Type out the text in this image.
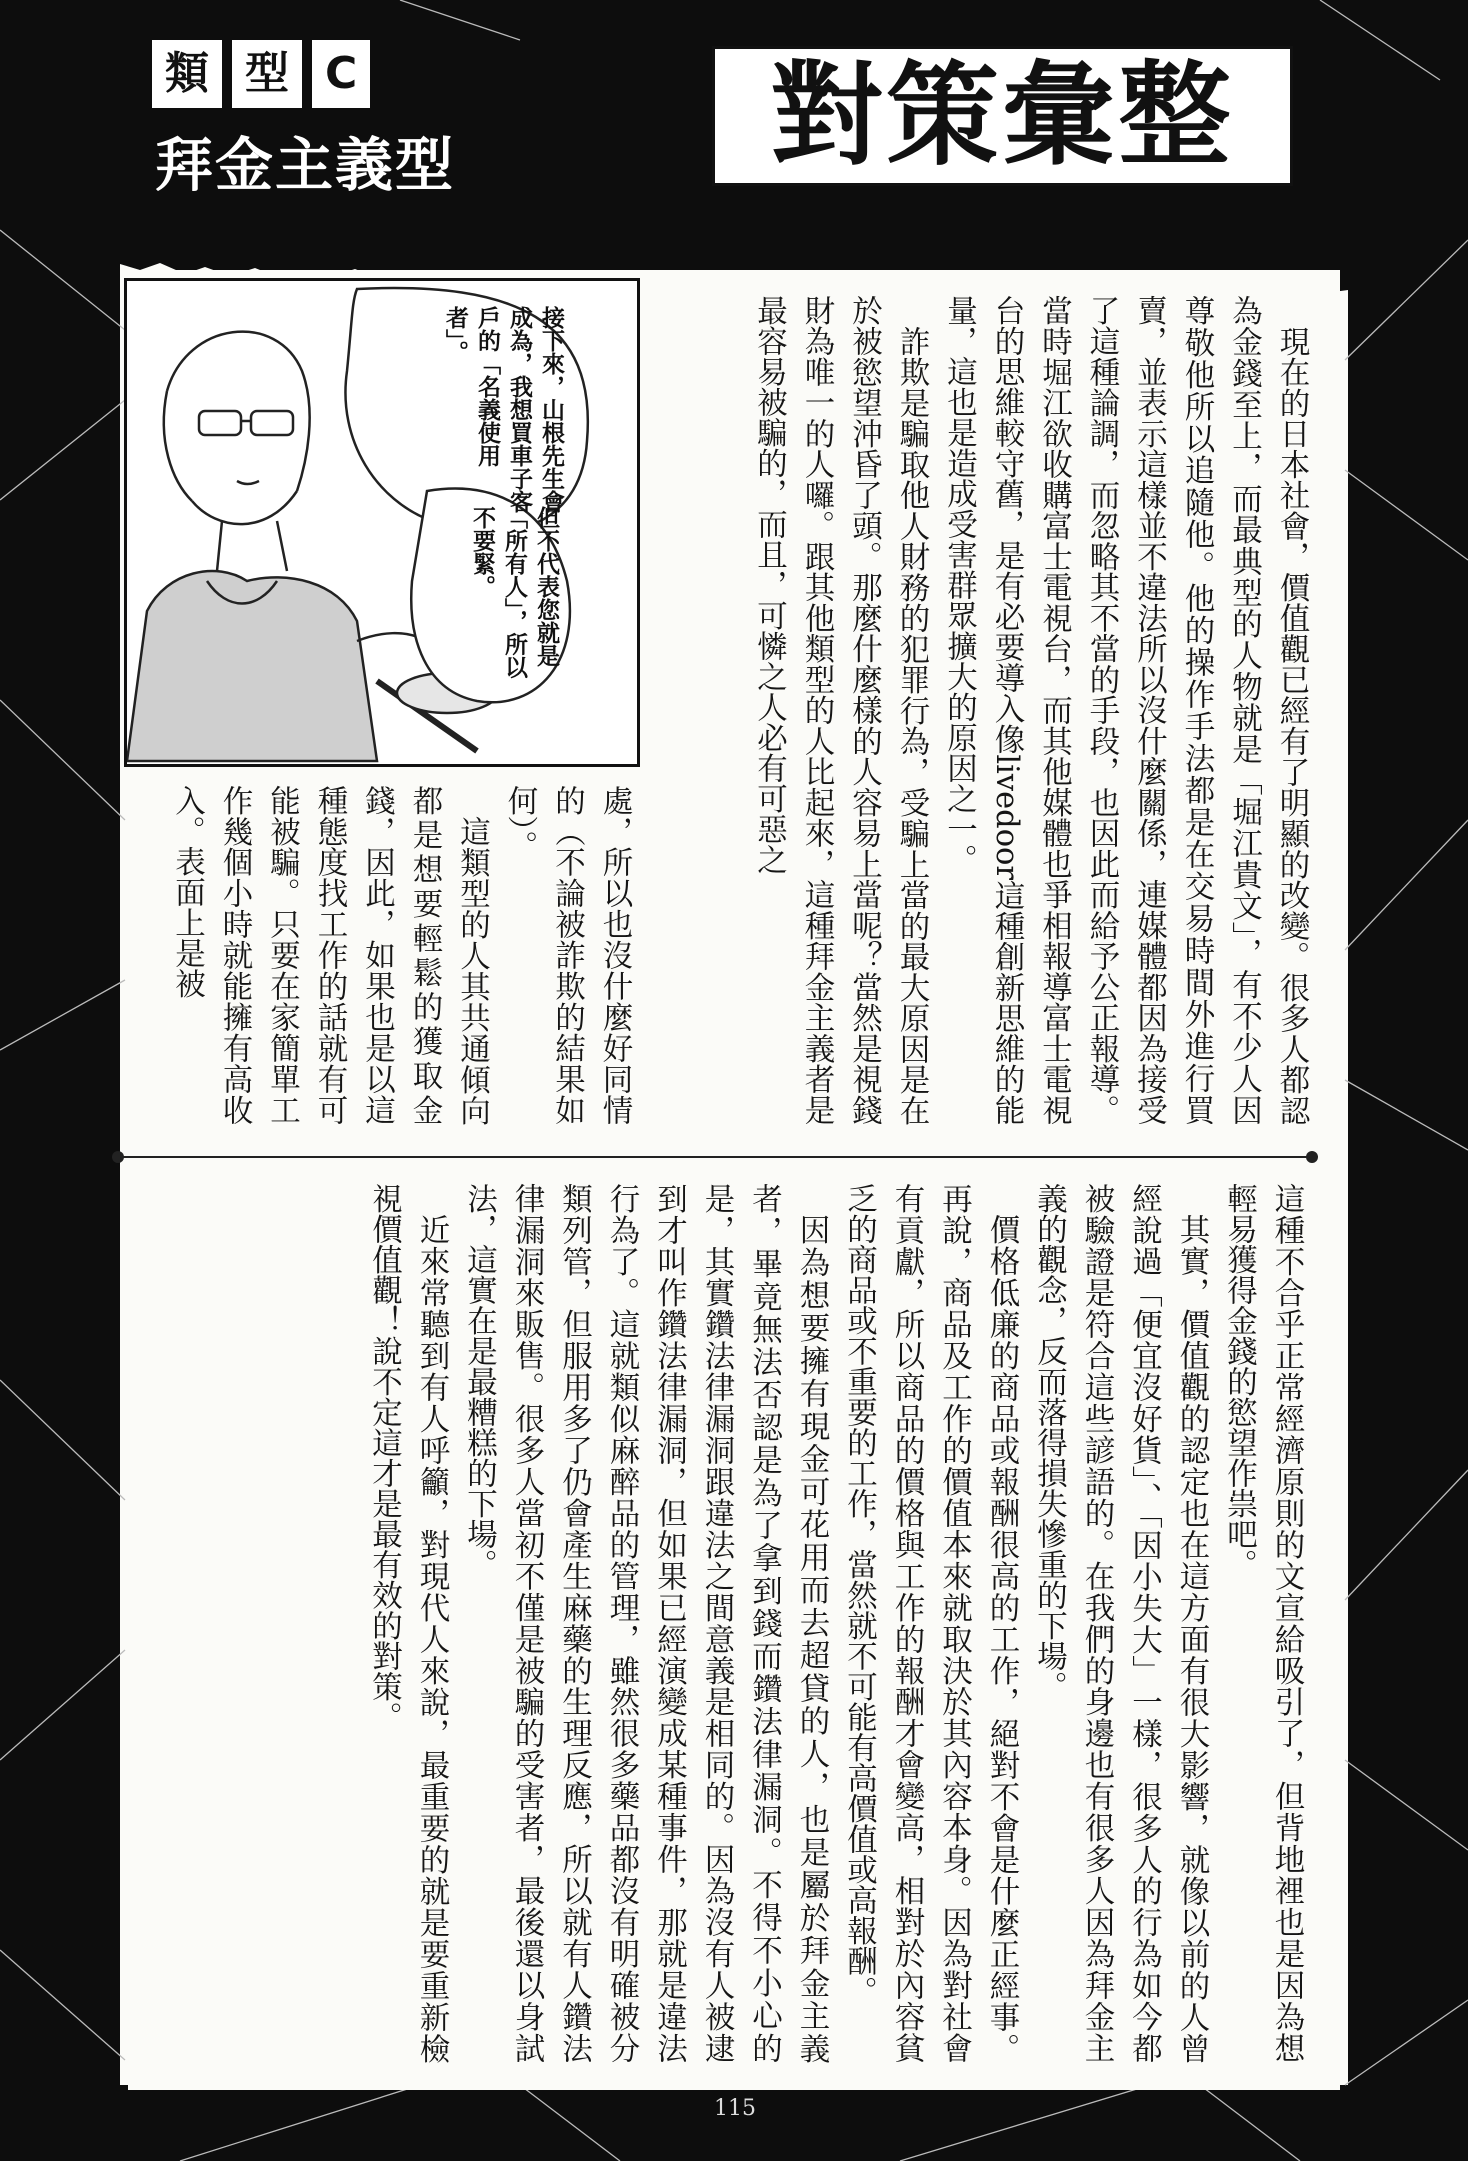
類 型 C
拜金主義型	對策彙整

現在的日本社會，價值觀已經有了明顯的改變。很多人都認為金錢至上，而最典型的人物就是「堀江貴文」，有不少人因尊敬他所以追隨他。他的操作手法都是在交易時間外進行買賣，並表示這樣並不違法所以沒什麼關係，連媒體都因為接受了這種論調，而忽略其不當的手段，也因此而給予公正報導。當時堀江欲收購富士電視台，而其他媒體也爭相報導富士電視台的思維較守舊，是有必要導入像livedoor這種創新思維的能量，這也是造成受害群眾擴大的原因之一。

詐欺是騙取他人財務的犯罪行為，受騙上當的最大原因是在於被慾望沖昏了頭。那麼什麼樣的人容易上當呢？當然是視錢財為唯一的人囉。跟其他類型的人比起來，這種拜金主義者是最容易被騙的，而且，可憐之人必有可惡之

處，所以也沒什麼好同情的（不論被詐欺的結果如何）。

這類型的人其共通傾向都是想要輕鬆的獲取金錢，因此，如果也是以這種態度找工作的話就有可能被騙。只要在家簡單工作幾個小時就能擁有高收入。表面上是被

接下來，山根先生會成為，我想買車子客戶的「名義使用者」。
但不代表您就是「所有人」，所以不要緊。

這種不合乎正常經濟原則的文宣給吸引了，但背地裡也是因為想輕易獲得金錢的慾望作祟吧。

其實，價值觀的認定也在這方面有很大影響，就像以前的人曾經說過「便宜沒好貨」、「因小失大」一樣，很多人的行為如今都被驗證是符合這些諺語的。在我們的身邊也有很多人因為拜金主義的觀念，反而落得損失慘重的下場。

價格低廉的商品或報酬很高的工作，絕對不會是什麼正經事。再說，商品及工作的價值本來就取決於其內容本身。因為對社會有貢獻，所以商品的價格與工作的報酬才會變高，相對於內容貧乏的商品或不重要的工作，當然就不可能有高價值或高報酬。

因為想要擁有現金可花用而去超貸的人，也是屬於拜金主義者，畢竟無法否認是為了拿到錢而鑽法律漏洞。不得不小心的是，其實鑽法律漏洞跟違法之間意義是相同的。因為沒有人被逮到才叫作鑽法律漏洞，但如果已經演變成某種事件，那就是違法行為了。這就類似麻醉品的管理，雖然很多藥品都沒有明確被分類列管，但服用多了仍會產生麻藥的生理反應，所以就有人鑽法律漏洞來販售。很多人當初不僅是被騙的受害者，最後還以身試法，這實在是最糟糕的下場。

近來常聽到有人呼籲，對現代人來說，最重要的就是要重新檢視價值觀！說不定這才是最有效的對策。

115
